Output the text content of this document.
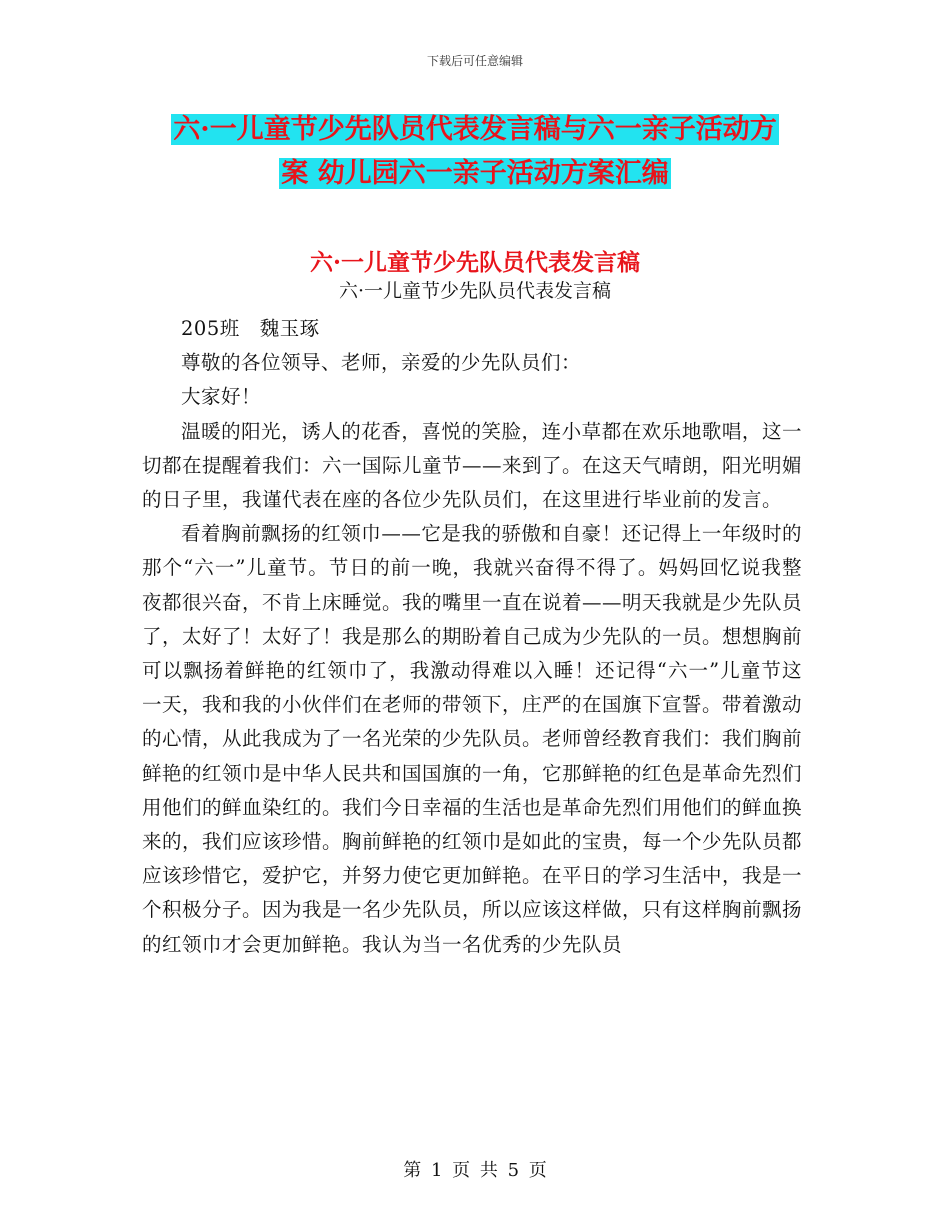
下载后可任意编辑
六·一儿童节少先队员代表发言稿与六一亲子活动方
案 幼儿园六一亲子活动方案汇编
六·一儿童节少先队员代表发言稿
六·一儿童节少先队员代表发言稿

205班　魏玉琢

尊敬的各位领导、老师，亲爱的少先队员们：

大家好！

温暖的阳光，诱人的花香，喜悦的笑脸，连小草都在欢乐地歌唱，这一切都在提醒着我们：六一国际儿童节——来到了。在这天气晴朗，阳光明媚的日子里，我谨代表在座的各位少先队员们，在这里进行毕业前的发言。

看着胸前飘扬的红领巾——它是我的骄傲和自豪！还记得上一年级时的那个“六一”儿童节。节日的前一晚，我就兴奋得不得了。妈妈回忆说我整夜都很兴奋，不肯上床睡觉。我的嘴里一直在说着——明天我就是少先队员了，太好了！太好了！我是那么的期盼着自己成为少先队的一员。想想胸前可以飘扬着鲜艳的红领巾了，我激动得难以入睡！还记得“六一”儿童节这一天，我和我的小伙伴们在老师的带领下，庄严的在国旗下宣誓。带着激动的心情，从此我成为了一名光荣的少先队员。老师曾经教育我们：我们胸前鲜艳的红领巾是中华人民共和国国旗的一角，它那鲜艳的红色是革命先烈们用他们的鲜血染红的。我们今日幸福的生活也是革命先烈们用他们的鲜血换来的，我们应该珍惜。胸前鲜艳的红领巾是如此的宝贵，每一个少先队员都应该珍惜它，爱护它，并努力使它更加鲜艳。在平日的学习生活中，我是一个积极分子。因为我是一名少先队员，所以应该这样做，只有这样胸前飘扬的红领巾才会更加鲜艳。我认为当一名优秀的少先队员

第 1 页 共 5 页
